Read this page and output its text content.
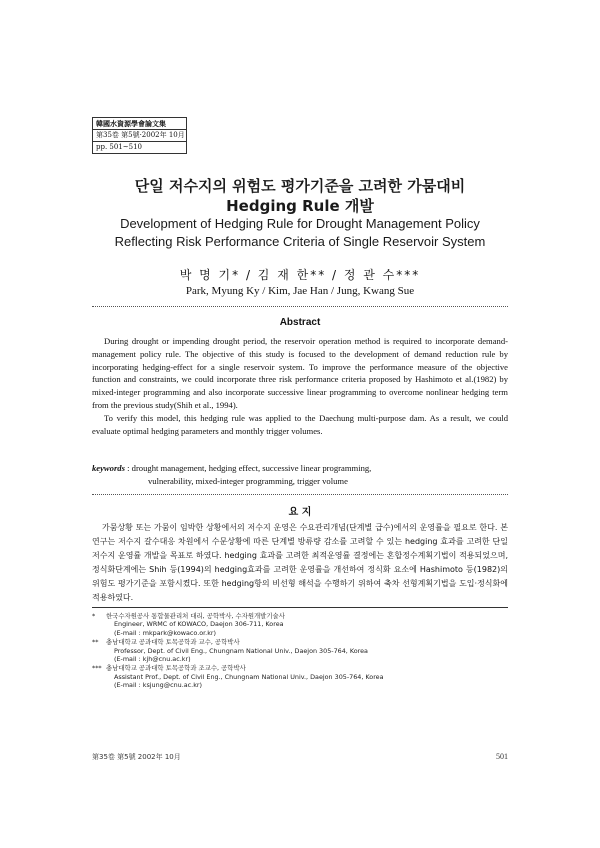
韓國水資源學會論文集
第35卷 第5號·2002年 10月
pp. 501~510
단일 저수지의 위험도 평가기준을 고려한 가뭄대비
Hedging Rule 개발
Development of Hedging Rule for Drought Management Policy
Reflecting Risk Performance Criteria of Single Reservoir System
박 명 기* / 김 재 한** / 정 관 수***
Park, Myung Ky / Kim, Jae Han / Jung, Kwang Sue
Abstract

During drought or impending drought period, the reservoir operation method is required to incorporate demand-management policy rule. The objective of this study is focused to the development of demand reduction rule by incorporating hedging-effect for a single reservoir system. To improve the performance measure of the objective function and constraints, we could incorporate three risk performance criteria proposed by Hashimoto et al.(1982) by mixed-integer programming and also incorporate successive linear programming to overcome nonlinear hedging term from the previous study(Shih et al., 1994).

To verify this model, this hedging rule was applied to the Daechung multi-purpose dam. As a result, we could evaluate optimal hedging parameters and monthly trigger volumes.

keywords : drought management, hedging effect, successive linear programming,
vulnerability, mixed-integer programming, trigger volume
요 지
가뭄상황 또는 가뭄이 임박한 상황에서의 저수지 운영은 수요관리개념(단계별 급수)에서의 운영률을 필요로 한다. 본 연구는 저수지 갈수대응 차원에서 수문상황에 따른 단계별 방류량 감소를 고려할 수 있는 hedging 효과를 고려한 단일 저수지 운영률 개발을 목표로 하였다. hedging 효과를 고려한 최적운영률 결정에는 혼합정수계획기법이 적용되었으며, 정식화단계에는 Shih 등(1994)의 hedging효과를 고려한 운영률을 개선하여 정식화 요소에 Hashimoto 등(1982)의 위험도 평가기준을 포함시켰다. 또한 hedging항의 비선형 해석을 수행하기 위하여 축차 선형계획기법을 도입·정식화에 적용하였다.
*	한국수자원공사 통합물관리처 대리, 공학박사, 수자원개발기술사
Engineer, WRMC of KOWACO, Daejon 306-711, Korea
(E-mail : mkpark@kowaco.or.kr)
**	충남대학교 공과대학 토목공학과 교수, 공학박사
Professor, Dept. of Civil Eng., Chungnam National Univ., Daejon 305-764, Korea
(E-mail : kjh@cnu.ac.kr)
*** 충남대학교 공과대학 토목공학과 조교수, 공학박사
Assistant Prof., Dept. of Civil Eng., Chungnam National Univ., Daejon 305-764, Korea
(E-mail : ksjung@cnu.ac.kr)
第35卷 第5號 2002年 10月	501
